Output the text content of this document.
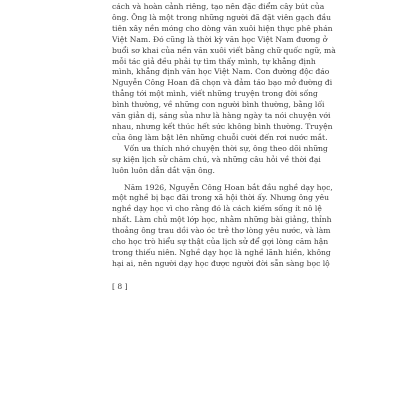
cách và hoàn cảnh riêng, tạo nên đặc điểm cây bút của
ông. Ông là một trong những người đã đặt viên gạch đầu
tiên xây nền móng cho dòng văn xuôi hiện thực phê phán
Việt Nam. Đó cũng là thời kỳ văn học Việt Nam đương ở
buổi sơ khai của nền văn xuôi viết bằng chữ quốc ngữ, mà
mỗi tác giả đều phải tự tìm thấy mình, tự khẳng định
mình, khẳng định văn học Việt Nam. Con đường độc đáo
Nguyễn Công Hoan đã chọn và đảm táo bạo mở đường đi
thẳng tới một mình, viết những truyện trong đời sống
bình thường, về những con người bình thường, bằng lối
văn giản dị, sáng sủa như là hàng ngày ta nói chuyện với
nhau, nhưng kết thúc hết sức không bình thường. Truyện
của ông làm bật lên những chuỗi cười đến rơi nước mắt.
Vốn ưa thích nhớ chuyện thời sự, ông theo dõi những
sự kiện lịch sử chăm chú, và những câu hỏi về thời đại
luôn luôn dẫn dắt vặn ông.
Năm 1926, Nguyễn Công Hoan bắt đầu nghề dạy học,
một nghề bị bạc đãi trong xã hội thời ấy. Nhưng ông yêu
nghề dạy học vì cho rằng đó là cách kiếm sống ít nô lệ
nhất. Làm chủ một lớp học, nhằm những bài giảng, thỉnh
thoảng ông trau dồi vào óc trẻ thơ lòng yêu nước, và làm
cho học trò hiểu sự thật của lịch sử để gợi lòng căm hận
trong thiếu niên. Nghề dạy học là nghề lãnh hiền, không
hại ai, nên người dạy học được người đời sẵn sàng bọc lộ
[ 8 ]
